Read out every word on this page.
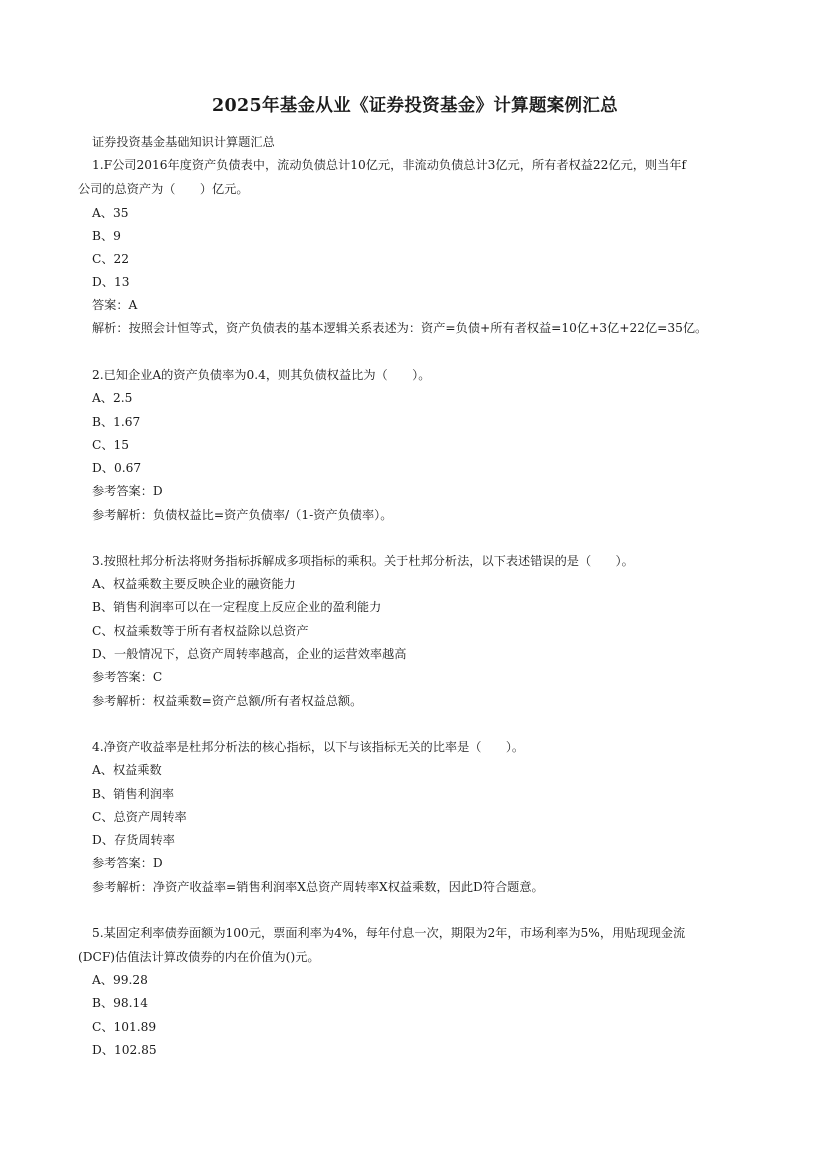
2025年基金从业《证券投资基金》计算题案例汇总
证券投资基金基础知识计算题汇总
1.F公司2016年度资产负债表中，流动负债总计10亿元，非流动负债总计3亿元，所有者权益22亿元，则当年f
公司的总资产为（　　）亿元。
A、35
B、9
C、22
D、13
答案：A
解析：按照会计恒等式，资产负债表的基本逻辑关系表述为：资产=负债+所有者权益=10亿+3亿+22亿=35亿。
2.已知企业A的资产负债率为0.4，则其负债权益比为（　　）。
A、2.5
B、1.67
C、15
D、0.67
参考答案：D
参考解析：负债权益比=资产负债率/（1-资产负债率）。
3.按照杜邦分析法将财务指标拆解成多项指标的乘积。关于杜邦分析法，以下表述错误的是（　　）。
A、权益乘数主要反映企业的融资能力
B、销售利润率可以在一定程度上反应企业的盈利能力
C、权益乘数等于所有者权益除以总资产
D、一般情况下，总资产周转率越高，企业的运营效率越高
参考答案：C
参考解析：权益乘数=资产总额/所有者权益总额。
4.净资产收益率是杜邦分析法的核心指标，以下与该指标无关的比率是（　　）。
A、权益乘数
B、销售利润率
C、总资产周转率
D、存货周转率
参考答案：D
参考解析：净资产收益率=销售利润率X总资产周转率X权益乘数，因此D符合题意。
5.某固定利率债券面额为100元，票面利率为4%，每年付息一次，期限为2年，市场利率为5%，用贴现现金流
(DCF)估值法计算改债券的内在价值为()元。
A、99.28
B、98.14
C、101.89
D、102.85
